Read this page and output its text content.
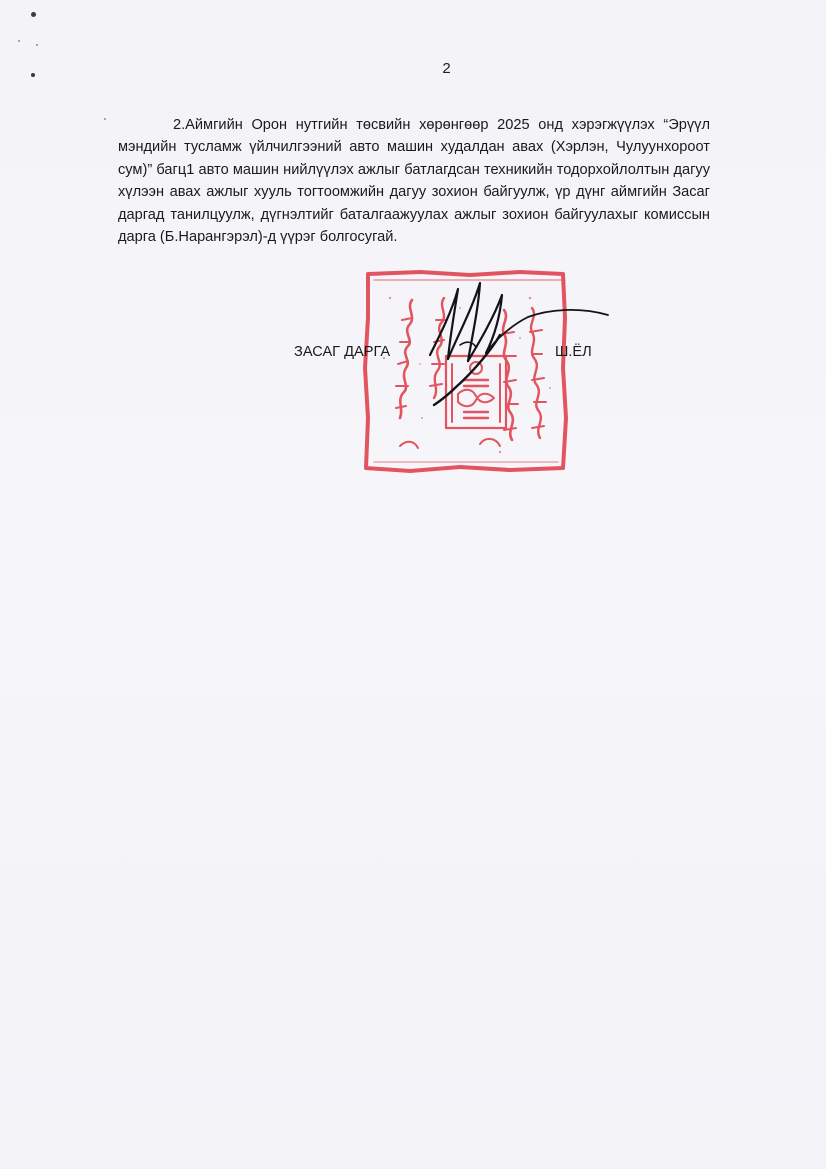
2

2.Аймгийн Орон нутгийн төсвийн хөрөнгөөр 2025 онд хэрэгжүүлэх “Эрүүл мэндийн тусламж үйлчилгээний авто машин худалдан авах (Хэрлэн, Чулуунхороот сум)” багц1 авто машин нийлүүлэх ажлыг батлагдсан техникийн тодорхойлолтын дагуу хүлээн авах ажлыг хууль тогтоомжийн дагуу зохион байгуулж, үр дүнг аймгийн Засаг даргад танилцуулж, дүгнэлтийг баталгаажуулах ажлыг зохион байгуулахыг комиссын дарга (Б.Нарангэрэл)-д үүрэг болгосугай.

ЗАСАГ ДАРГА	Ш.ЁЛ
